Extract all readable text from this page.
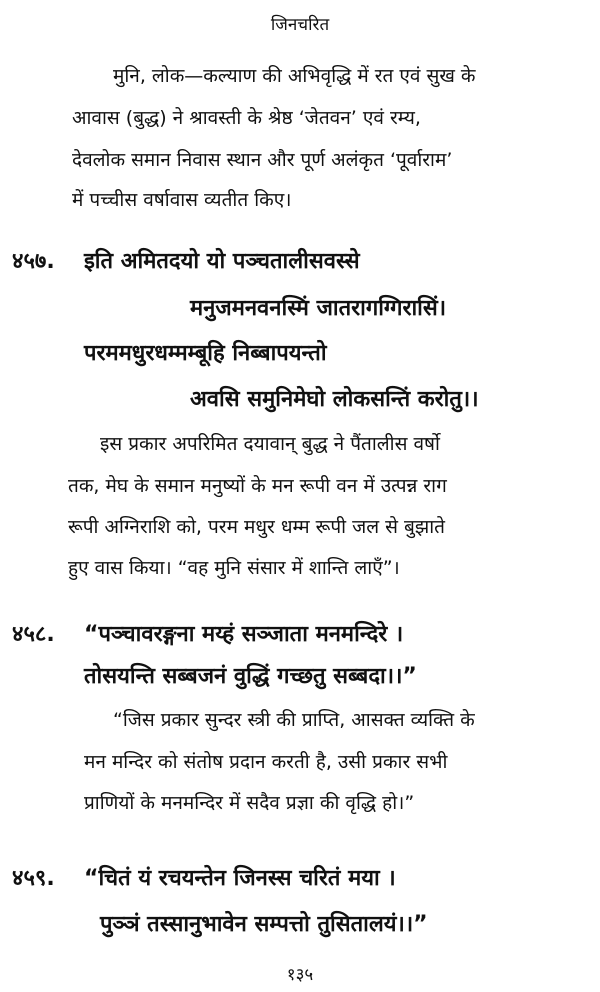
जिनचरित
मुनि, लोक—कल्याण की अभिवृद्धि में रत एवं सुख के
आवास (बुद्ध) ने श्रावस्ती के श्रेष्ठ ‘जेतवन’ एवं रम्य,
देवलोक समान निवास स्थान और पूर्ण अलंकृत ‘पूर्वाराम’
में पच्चीस वर्षावास व्यतीत किए।
४५७. इति अमितदयो यो पञ्चतालीसवस्से
मनुजमनवनस्मिं जातरागग्गिरासिं।
परममधुरधम्मम्बूहि निब्बापयन्तो
अवसि समुनिमेघो लोकसन्तिं करोतु।।
इस प्रकार अपरिमित दयावान् बुद्ध ने पैंतालीस वर्षो
तक, मेघ के समान मनुष्यों के मन रूपी वन में उत्पन्न राग
रूपी अग्निराशि को, परम मधुर धम्म रूपी जल से बुझाते
हुए वास किया। “वह मुनि संसार में शान्ति लाएँ”।
४५८. “पञ्चावरङ्गना मय्हं सञ्जाता मनमन्दिरे ।
तोसयन्ति सब्बजनं वुद्धिं गच्छतु सब्बदा।।”
“जिस प्रकार सुन्दर स्त्री की प्राप्ति, आसक्त व्यक्ति के
मन मन्दिर को संतोष प्रदान करती है, उसी प्रकार सभी
प्राणियों के मनमन्दिर में सदैव प्रज्ञा की वृद्धि हो।”
४५९. “चितं यं रचयन्तेन जिनस्स चरितं मया ।
पुञ्ञं तस्सानुभावेन सम्पत्तो तुसितालयं।।”
१३५
